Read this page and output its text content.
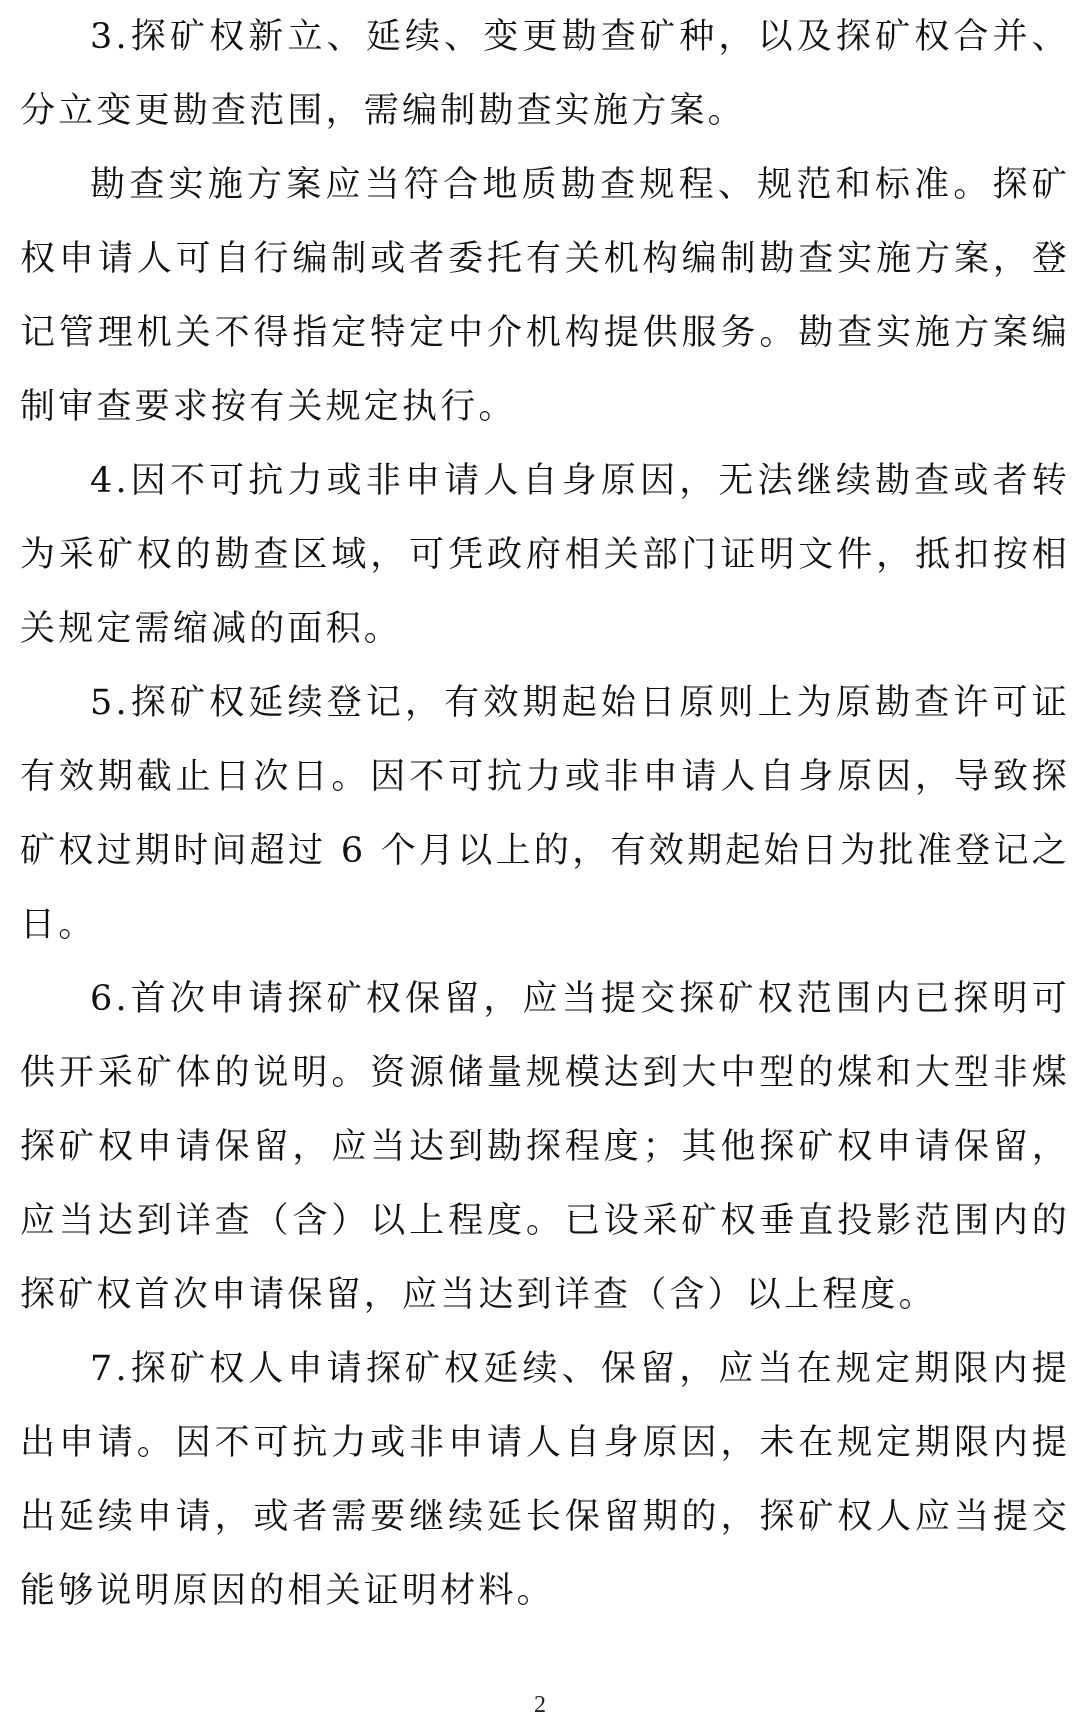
3.探矿权新立、延续、变更勘查矿种，以及探矿权合并、分立变更勘查范围，需编制勘查实施方案。

勘查实施方案应当符合地质勘查规程、规范和标准。探矿权申请人可自行编制或者委托有关机构编制勘查实施方案，登记管理机关不得指定特定中介机构提供服务。勘查实施方案编制审查要求按有关规定执行。

4.因不可抗力或非申请人自身原因，无法继续勘查或者转为采矿权的勘查区域，可凭政府相关部门证明文件，抵扣按相关规定需缩减的面积。

5.探矿权延续登记，有效期起始日原则上为原勘查许可证有效期截止日次日。因不可抗力或非申请人自身原因，导致探矿权过期时间超过 6 个月以上的，有效期起始日为批准登记之日。

6.首次申请探矿权保留，应当提交探矿权范围内已探明可供开采矿体的说明。资源储量规模达到大中型的煤和大型非煤探矿权申请保留，应当达到勘探程度；其他探矿权申请保留，应当达到详查（含）以上程度。已设采矿权垂直投影范围内的探矿权首次申请保留，应当达到详查（含）以上程度。

7.探矿权人申请探矿权延续、保留，应当在规定期限内提出申请。因不可抗力或非申请人自身原因，未在规定期限内提出延续申请，或者需要继续延长保留期的，探矿权人应当提交能够说明原因的相关证明材料。

2
